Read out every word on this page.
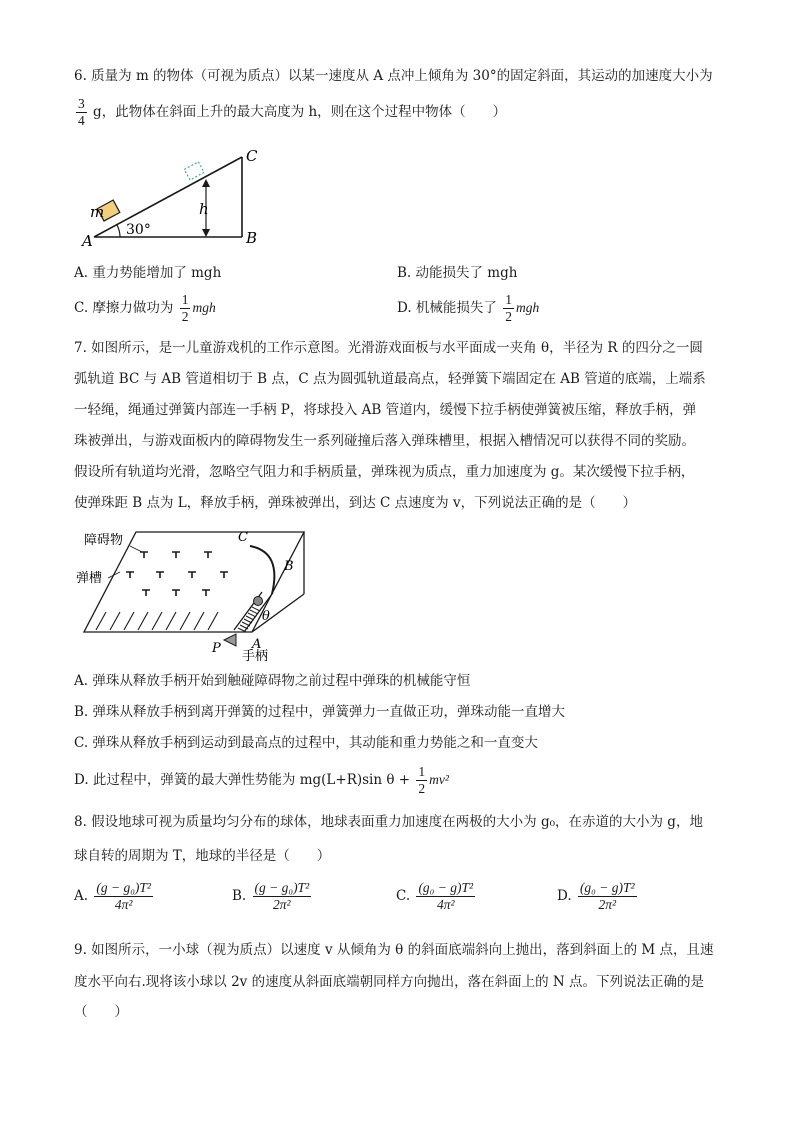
6. 质量为 m 的物体（可视为质点）以某一速度从 A 点冲上倾角为 30°的固定斜面，其运动的加速度大小为
$\frac{3}{4}$ g，此物体在斜面上升的最大高度为 h，则在这个过程中物体（　　）
h
C
B
A
m
30°
A. 重力势能增加了 mgh	B. 动能损失了 mgh
C. 摩擦力做功为 $\frac{1}{2}$ mgh	D. 机械能损失了 $\frac{1}{2}$ mgh
7. 如图所示，是一儿童游戏机的工作示意图。光滑游戏面板与水平面成一夹角 θ，半径为 R 的四分之一圆
弧轨道 BC 与 AB 管道相切于 B 点，C 点为圆弧轨道最高点，轻弹簧下端固定在 AB 管道的底端，上端系
一轻绳，绳通过弹簧内部连一手柄 P，将球投入 AB 管道内，缓慢下拉手柄使弹簧被压缩，释放手柄，弹
珠被弹出，与游戏面板内的障碍物发生一系列碰撞后落入弹珠槽里，根据入槽情况可以获得不同的奖励。
假设所有轨道均光滑，忽略空气阻力和手柄质量，弹珠视为质点，重力加速度为 g。某次缓慢下拉手柄，
使弹珠距 B 点为 L，释放手柄，弹珠被弹出，到达 C 点速度为 v，下列说法正确的是（　　）
障碍物
弹槽
手柄
C
B
A
P
θ
A. 弹珠从释放手柄开始到触碰障碍物之前过程中弹珠的机械能守恒
B. 弹珠从释放手柄到离开弹簧的过程中，弹簧弹力一直做正功，弹珠动能一直增大
C. 弹珠从释放手柄到运动到最高点的过程中，其动能和重力势能之和一直变大
D. 此过程中，弹簧的最大弹性势能为 mg(L+R)sin $\theta + \frac{1}{2} mv^2$
8. 假设地球可视为质量均匀分布的球体，地球表面重力加速度在两极的大小为 g₀，在赤道的大小为 g，地
球自转的周期为 T，地球的半径是（　　）
A. $\frac{\text{(g − g₀)T²}}{\text{4π²}}$	B. $\frac{\text{(g − g₀)T²}}{\text{2π²}}$	C. $\frac{\text{(g₀ − g)T²}}{\text{4π²}}$	D. $\frac{\text{(g₀ − g)T²}}{\text{2π²}}$
9. 如图所示，一小球（视为质点）以速度 v 从倾角为 θ 的斜面底端斜向上抛出，落到斜面上的 M 点，且速
度水平向右.现将该小球以 2v 的速度从斜面底端朝同样方向抛出，落在斜面上的 N 点。下列说法正确的是
（　　）
